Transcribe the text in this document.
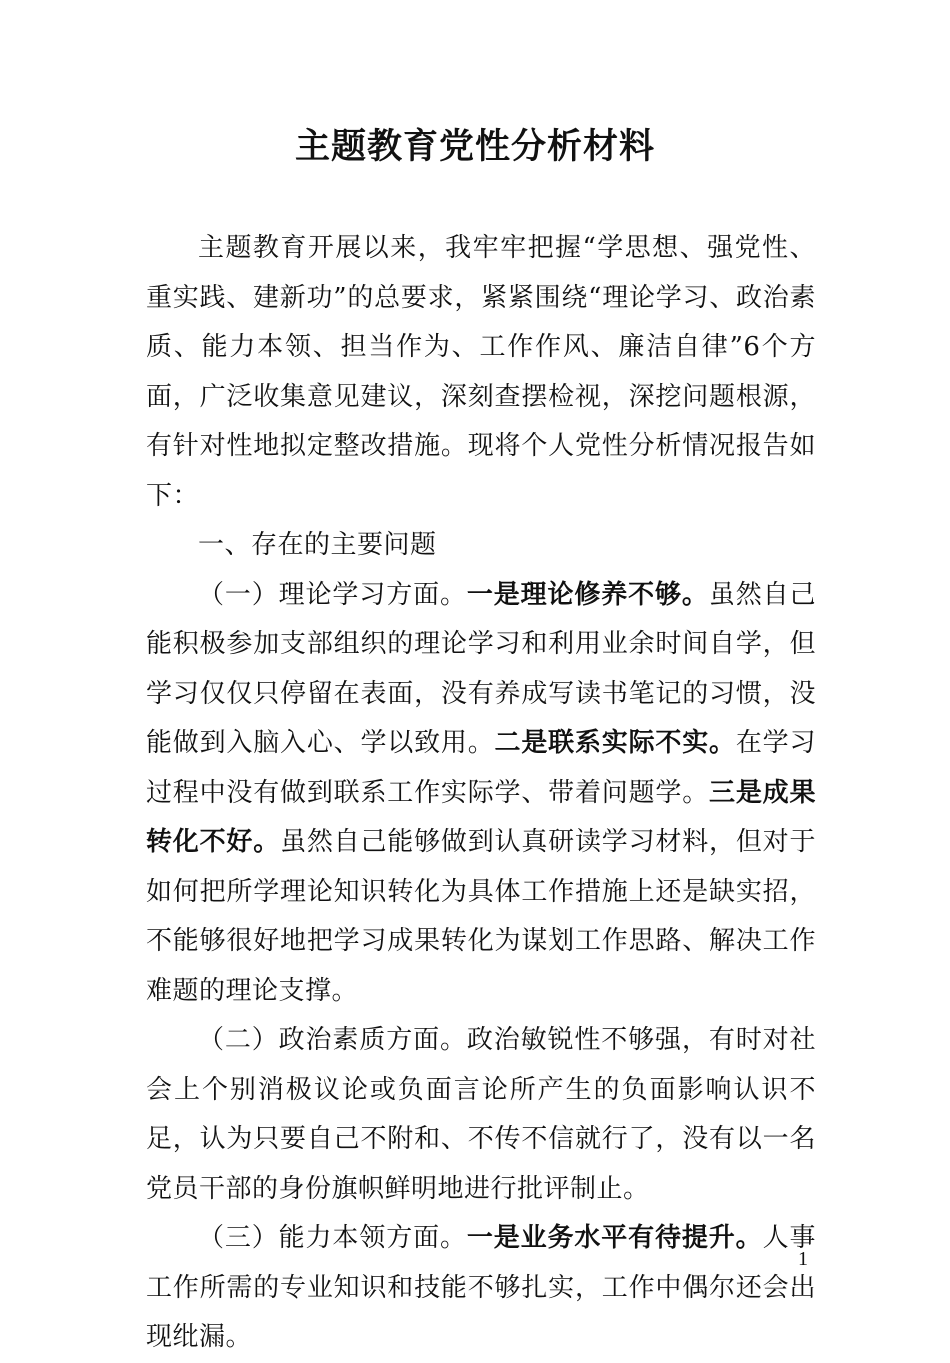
主题教育党性分析材料

主题教育开展以来，我牢牢把握“学思想、强党性、重实践、建新功”的总要求，紧紧围绕“理论学习、政治素质、能力本领、担当作为、工作作风、廉洁自律”6个方面，广泛收集意见建议，深刻查摆检视，深挖问题根源，有针对性地拟定整改措施。现将个人党性分析情况报告如下：

一、存在的主要问题

（一）理论学习方面。一是理论修养不够。虽然自己能积极参加支部组织的理论学习和利用业余时间自学，但学习仅仅只停留在表面，没有养成写读书笔记的习惯，没能做到入脑入心、学以致用。二是联系实际不实。在学习过程中没有做到联系工作实际学、带着问题学。三是成果转化不好。虽然自己能够做到认真研读学习材料，但对于如何把所学理论知识转化为具体工作措施上还是缺实招，不能够很好地把学习成果转化为谋划工作思路、解决工作难题的理论支撑。

（二）政治素质方面。政治敏锐性不够强，有时对社会上个别消极议论或负面言论所产生的负面影响认识不足，认为只要自己不附和、不传不信就行了，没有以一名党员干部的身份旗帜鲜明地进行批评制止。

（三）能力本领方面。一是业务水平有待提升。人事工作所需的专业知识和技能不够扎实，工作中偶尔还会出现纰漏。

1
